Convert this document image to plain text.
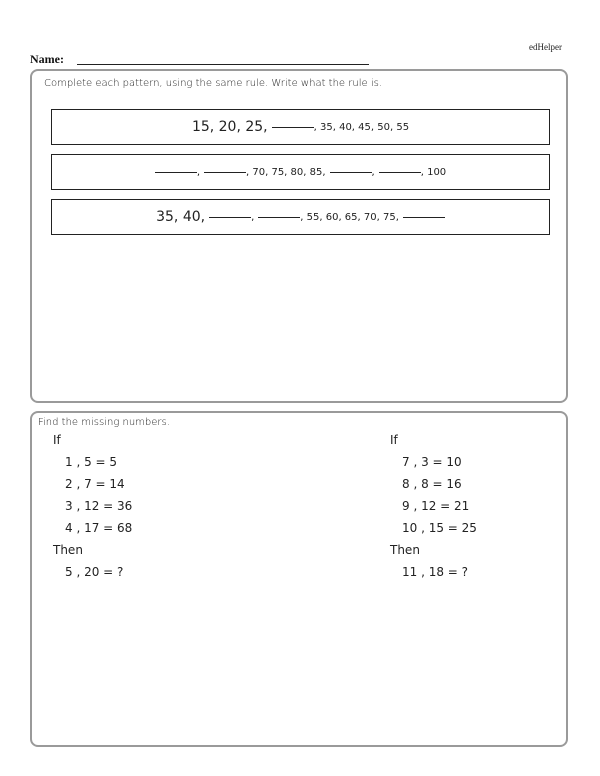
edHelper
Name:
Complete each pattern, using the same rule. Write what the rule is.
15, 20, 25,	, 35, 40, 45, 50, 55
,	, 70, 75, 80, 85,	,	, 100
35, 40,	,	, 55, 60, 65, 70, 75,
Find the missing numbers.
If
1 , 5 = 5
2 , 7 = 14
3 , 12 = 36
4 , 17 = 68
Then
5 , 20 = ?
If
7 , 3 = 10
8 , 8 = 16
9 , 12 = 21
10 , 15 = 25
Then
11 , 18 = ?
